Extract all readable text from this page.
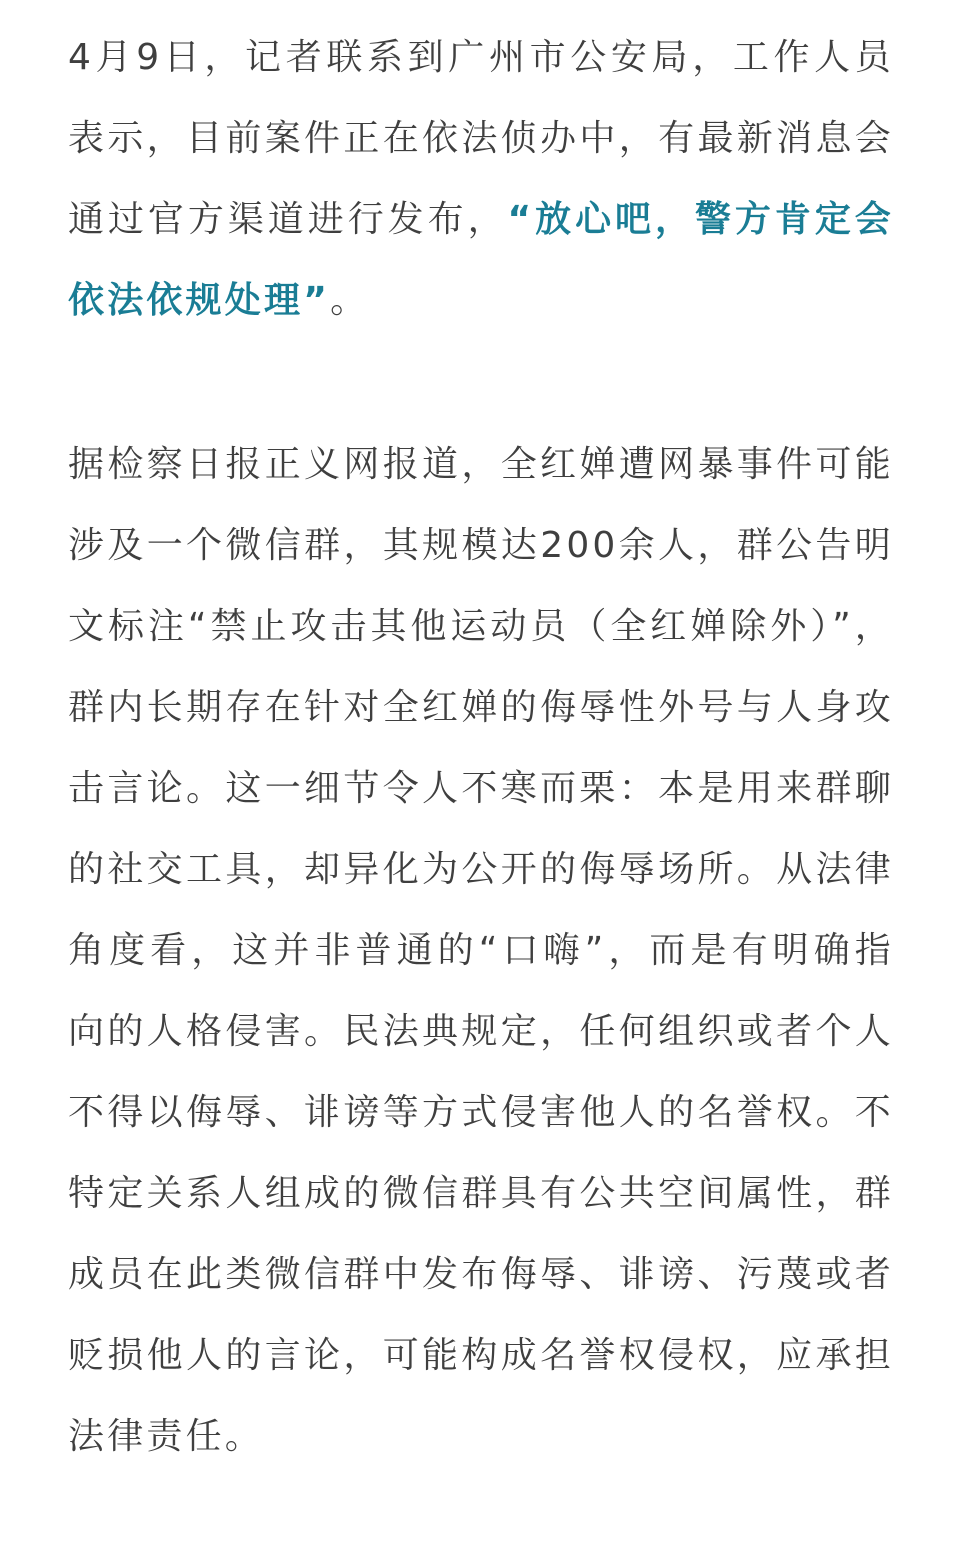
4月9日，记者联系到广州市公安局，工作人员表示，目前案件正在依法侦办中，有最新消息会通过官方渠道进行发布，“放心吧，警方肯定会依法依规处理”。

据检察日报正义网报道，全红婵遭网暴事件可能涉及一个微信群，其规模达200余人，群公告明文标注“禁止攻击其他运动员（全红婵除外）”，群内长期存在针对全红婵的侮辱性外号与人身攻击言论。这一细节令人不寒而栗：本是用来群聊的社交工具，却异化为公开的侮辱场所。从法律角度看，这并非普通的“口嗨”，而是有明确指向的人格侵害。民法典规定，任何组织或者个人不得以侮辱、诽谤等方式侵害他人的名誉权。不特定关系人组成的微信群具有公共空间属性，群成员在此类微信群中发布侮辱、诽谤、污蔑或者贬损他人的言论，可能构成名誉权侵权，应承担法律责任。
